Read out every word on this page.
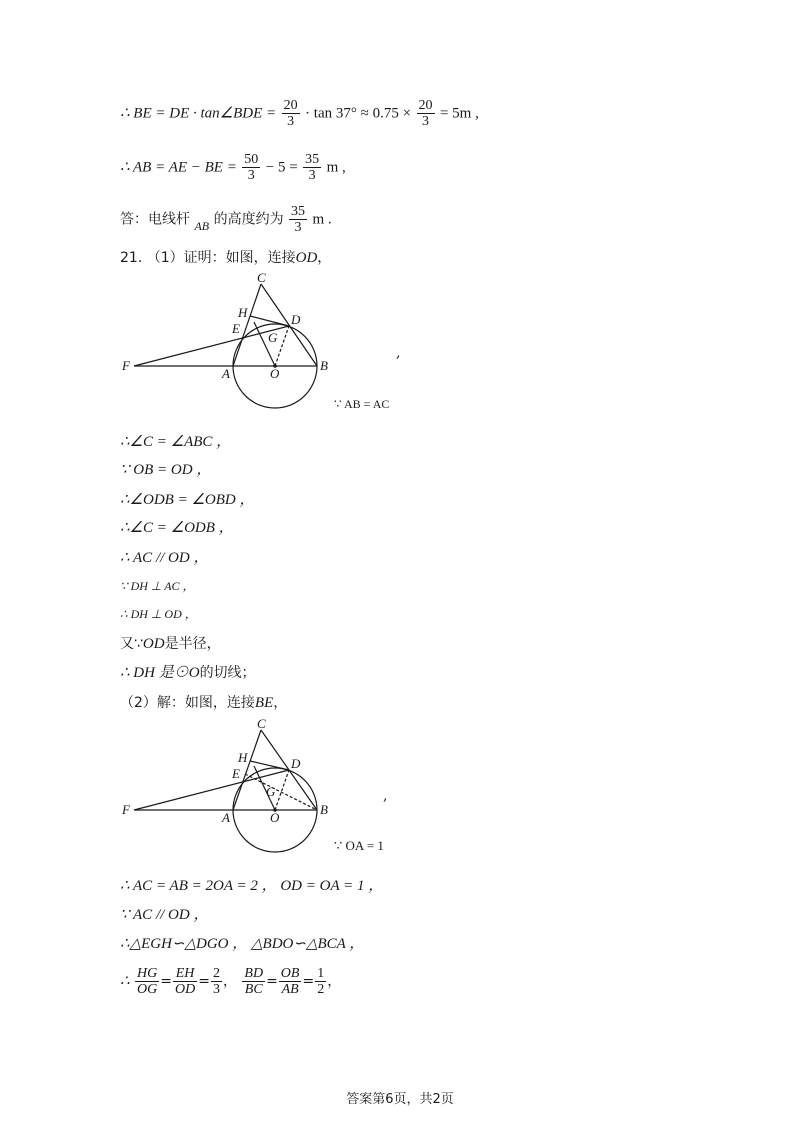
∴ BE = DE · tan∠BDE = $\frac{20}{3} \cdot \tan 37^\circ \approx 0.75 \times \frac{20}{3} = 5m$ ,
∴ AB = AE − BE = $\frac{50}{3} - 5 = \frac{35}{3}$ m ,
答：电线杆 AB 的高度约为 $\frac{35}{3}$ m .
21. （1）证明：如图，连接OD，
C
H
E
D
G
F
A	O
B
,
∵ AB = AC
∴∠C = ∠ABC ，
∵ OB = OD ，
∴∠ODB = ∠OBD ，
∴∠C = ∠ODB ，
∴ AC // OD ，
∵ DH ⊥ AC ，
∴ DH ⊥ OD ，
又∵OD是半径，
∴ DH 是⊙O的切线；
（2）解：如图，连接BE，
C
H
E
D
G
F
A	O
B
,
∵ OA = 1
∴ AC = AB = 2OA = 2 ， OD = OA = 1 ，
∵ AC // OD ，
∴△EGH∽△DGO ， △BDO∽△BCA ，
∴ $\frac{HG}{OG} = \frac{EH}{OD} = \frac{2}{3}$ ， $\frac{BD}{BC} = \frac{OB}{AB} = \frac{1}{2}$ ，
答案第6页，共2页
